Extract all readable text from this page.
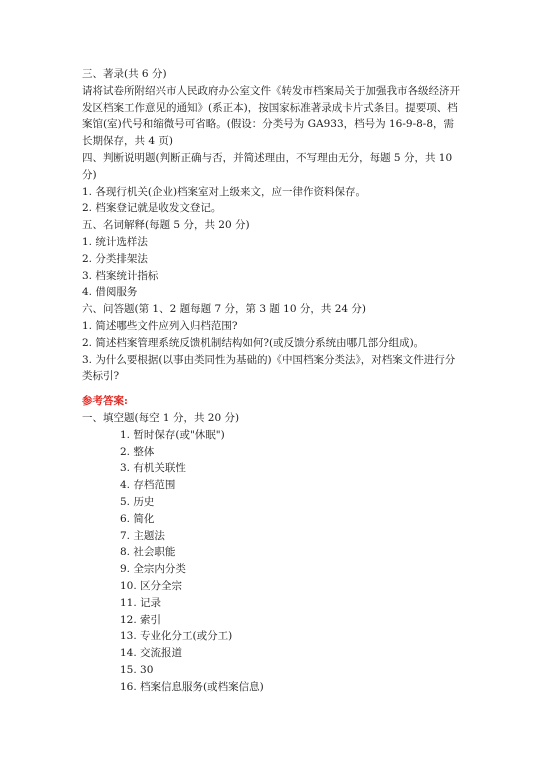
三、著录(共 6 分)

请将试卷所附绍兴市人民政府办公室文件《转发市档案局关于加强我市各级经济开发区档案工作意见的通知》(系正本)，按国家标准著录成卡片式条目。提要项、档案馆(室)代号和缩微号可省略。(假设：分类号为 GA933，档号为 16-9-8-8，需长期保存，共 4 页)

四、判断说明题(判断正确与否，并简述理由，不写理由无分，每题 5 分，共 10 分)

1. 各现行机关(企业)档案室对上级来文，应一律作资料保存。

2. 档案登记就是收发文登记。

五、名词解释(每题 5 分，共 20 分)

1. 统计选样法

2. 分类排架法

3. 档案统计指标

4. 借阅服务

六、问答题(第 1、2 题每题 7 分，第 3 题 10 分，共 24 分)

1. 简述哪些文件应列入归档范围?

2. 简述档案管理系统反馈机制结构如何?(或反馈分系统由哪几部分组成)。

3. 为什么要根据(以事由类同性为基础的)《中国档案分类法》，对档案文件进行分类标引?

参考答案:

一、填空题(每空 1 分，共 20 分)

1. 暂时保存(或"休眠")
2. 整体
3. 有机关联性
4. 存档范围
5. 历史
6. 简化
7. 主题法
8. 社会职能
9. 全宗内分类
10. 区分全宗
11. 记录
12. 索引
13. 专业化分工(或分工)
14. 交流报道
15. 30
16. 档案信息服务(或档案信息)
